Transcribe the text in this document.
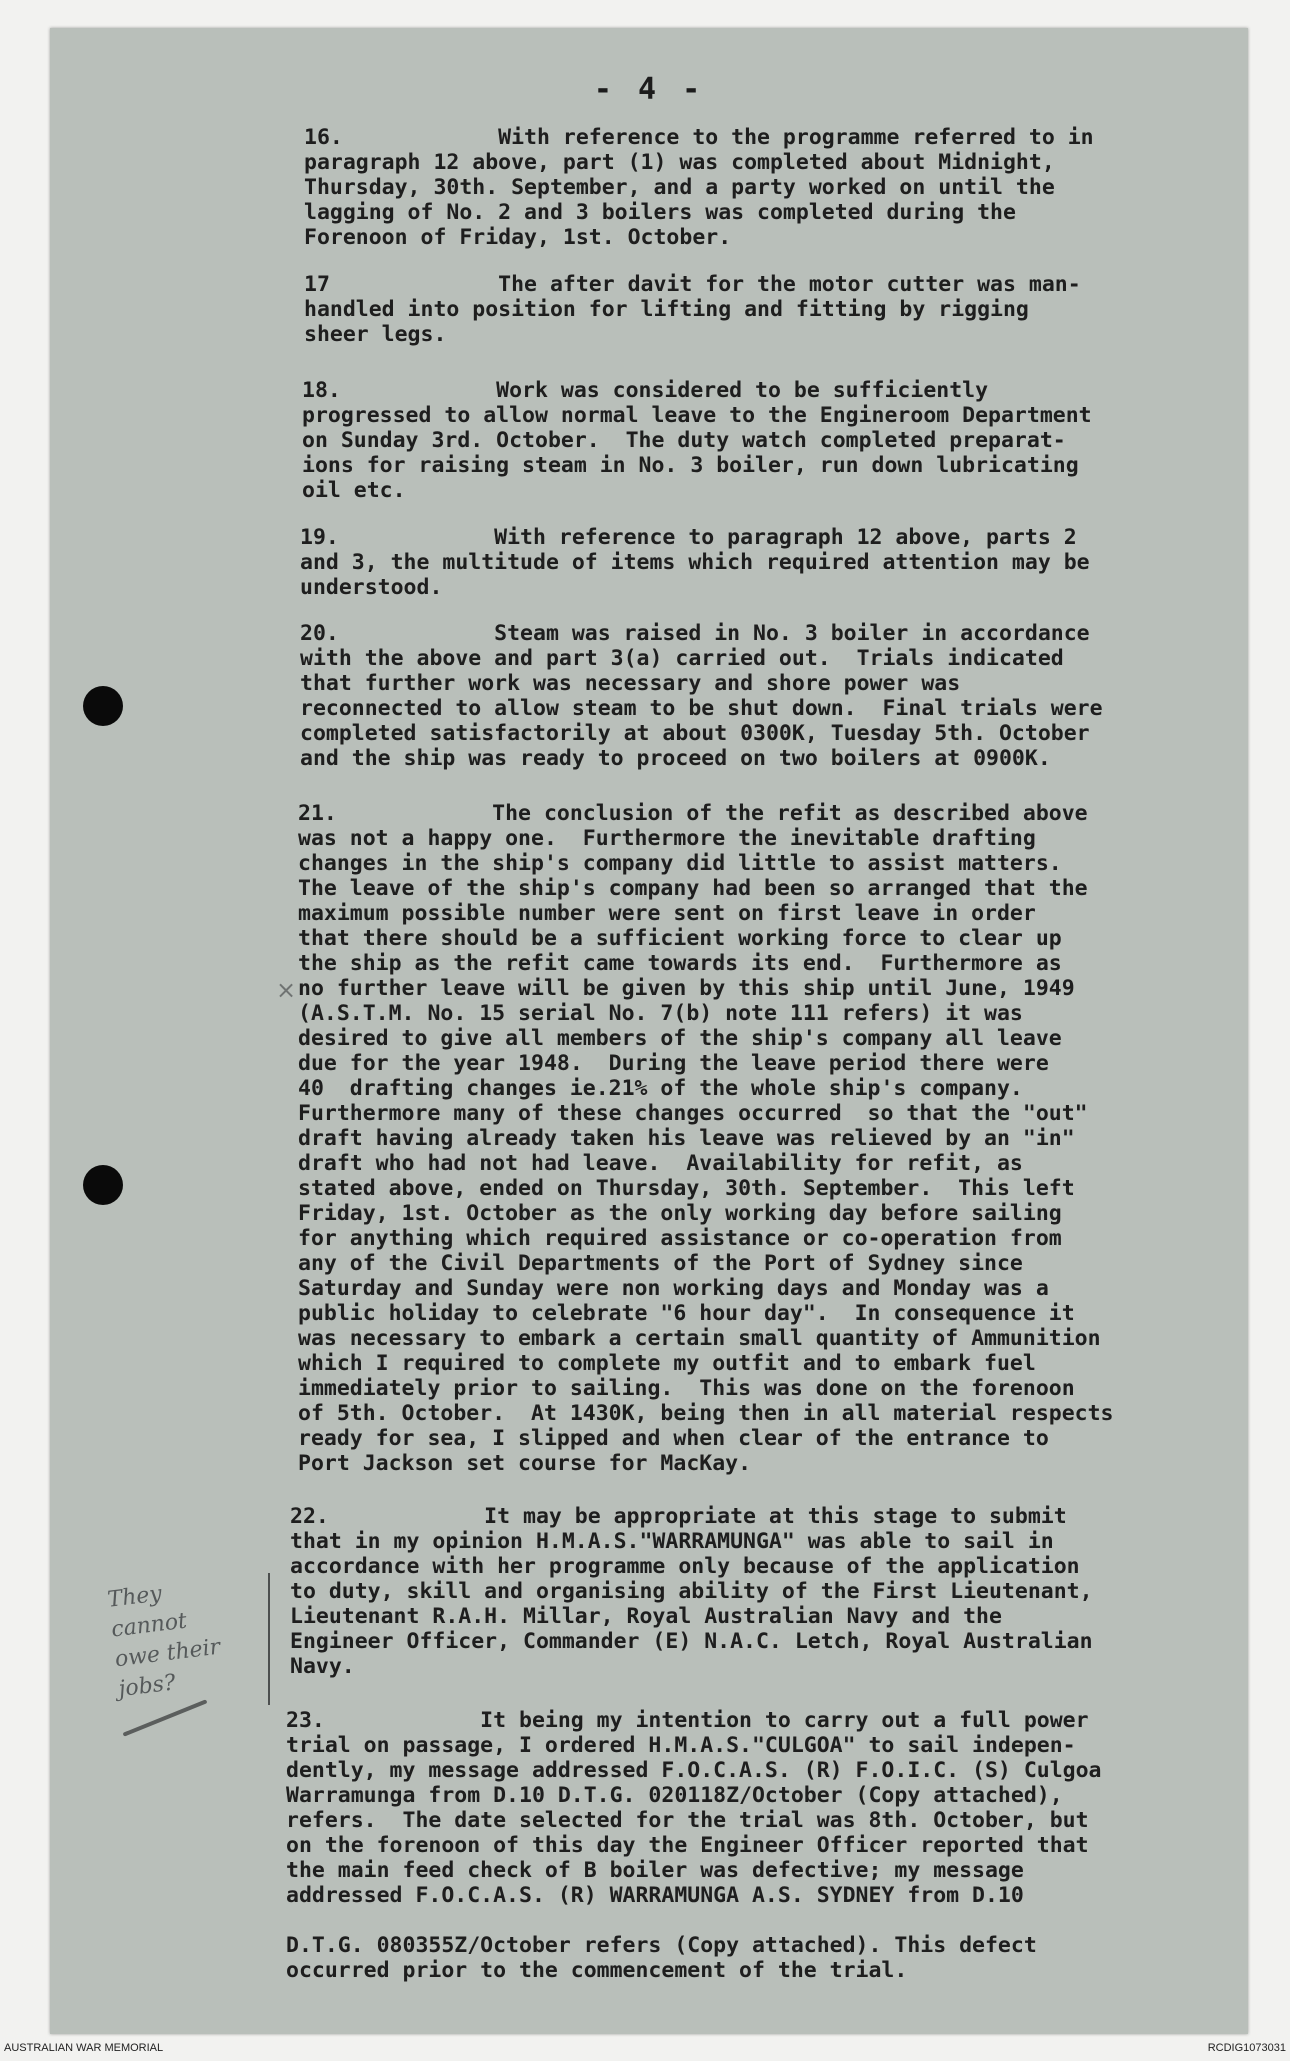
- 4 -

16.            With reference to the programme referred to in
paragraph 12 above, part (1) was completed about Midnight,
Thursday, 30th. September, and a party worked on until the
lagging of No. 2 and 3 boilers was completed during the
Forenoon of Friday, 1st. October.

17             The after davit for the motor cutter was man-
handled into position for lifting and fitting by rigging
sheer legs.

18.            Work was considered to be sufficiently
progressed to allow normal leave to the Engineroom Department
on Sunday 3rd. October.  The duty watch completed preparat-
ions for raising steam in No. 3 boiler, run down lubricating
oil etc.

19.            With reference to paragraph 12 above, parts 2
and 3, the multitude of items which required attention may be
understood.

20.            Steam was raised in No. 3 boiler in accordance
with the above and part 3(a) carried out.  Trials indicated
that further work was necessary and shore power was
reconnected to allow steam to be shut down.  Final trials were
completed satisfactorily at about 0300K, Tuesday 5th. October
and the ship was ready to proceed on two boilers at 0900K.

21.            The conclusion of the refit as described above
was not a happy one.  Furthermore the inevitable drafting
changes in the ship's company did little to assist matters.
The leave of the ship's company had been so arranged that the
maximum possible number were sent on first leave in order
that there should be a sufficient working force to clear up
the ship as the refit came towards its end.  Furthermore as
no further leave will be given by this ship until June, 1949
(A.S.T.M. No. 15 serial No. 7(b) note 111 refers) it was
desired to give all members of the ship's company all leave
due for the year 1948.  During the leave period there were
40  drafting changes ie.21% of the whole ship's company.
Furthermore many of these changes occurred  so that the "out"
draft having already taken his leave was relieved by an "in"
draft who had not had leave.  Availability for refit, as
stated above, ended on Thursday, 30th. September.  This left
Friday, 1st. October as the only working day before sailing
for anything which required assistance or co-operation from
any of the Civil Departments of the Port of Sydney since
Saturday and Sunday were non working days and Monday was a
public holiday to celebrate "6 hour day".  In consequence it
was necessary to embark a certain small quantity of Ammunition
which I required to complete my outfit and to embark fuel
immediately prior to sailing.  This was done on the forenoon
of 5th. October.  At 1430K, being then in all material respects
ready for sea, I slipped and when clear of the entrance to
Port Jackson set course for MacKay.

22.            It may be appropriate at this stage to submit
that in my opinion H.M.A.S."WARRAMUNGA" was able to sail in
accordance with her programme only because of the application
to duty, skill and organising ability of the First Lieutenant,
Lieutenant R.A.H. Millar, Royal Australian Navy and the
Engineer Officer, Commander (E) N.A.C. Letch, Royal Australian
Navy.

23.            It being my intention to carry out a full power
trial on passage, I ordered H.M.A.S."CULGOA" to sail indepen-
dently, my message addressed F.O.C.A.S. (R) F.O.I.C. (S) Culgoa
Warramunga from D.10 D.T.G. 020118Z/October (Copy attached),
refers.  The date selected for the trial was 8th. October, but
on the forenoon of this day the Engineer Officer reported that
the main feed check of B boiler was defective; my message
addressed F.O.C.A.S. (R) WARRAMUNGA A.S. SYDNEY from D.10

D.T.G. 080355Z/October refers (Copy attached). This defect
occurred prior to the commencement of the trial.

×

They
cannot
owe their
jobs?

AUSTRALIAN WAR MEMORIAL	RCDIG1073031
